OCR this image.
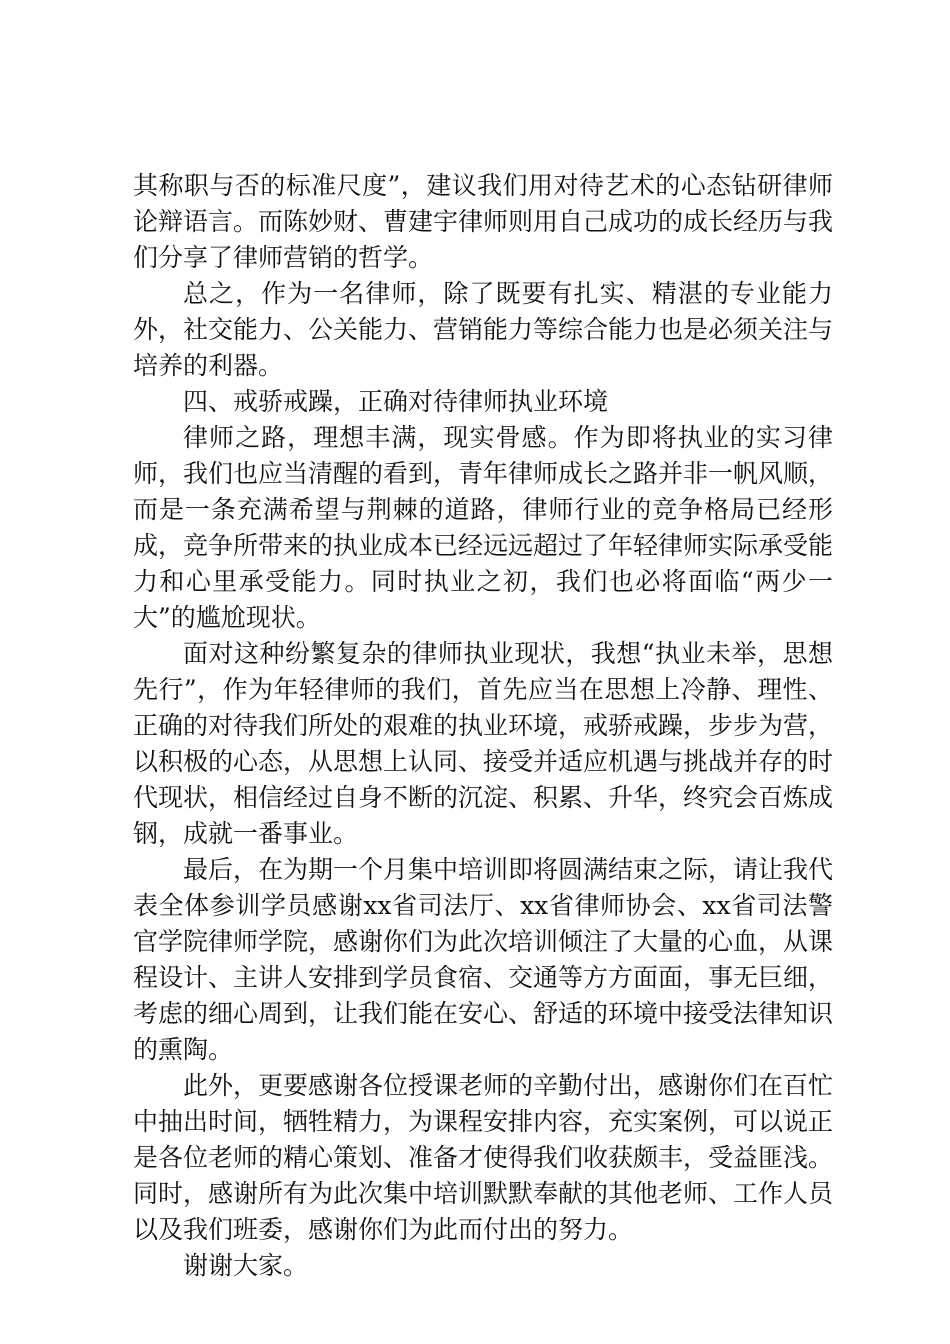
其称职与否的标准尺度”，建议我们用对待艺术的心态钻研律师论辩语言。而陈妙财、曹建宇律师则用自己成功的成长经历与我们分享了律师营销的哲学。

总之，作为一名律师，除了既要有扎实、精湛的专业能力外，社交能力、公关能力、营销能力等综合能力也是必须关注与培养的利器。

四、戒骄戒躁，正确对待律师执业环境

律师之路，理想丰满，现实骨感。作为即将执业的实习律师，我们也应当清醒的看到，青年律师成长之路并非一帆风顺，而是一条充满希望与荆棘的道路，律师行业的竞争格局已经形成，竞争所带来的执业成本已经远远超过了年轻律师实际承受能力和心里承受能力。同时执业之初，我们也必将面临“两少一大”的尴尬现状。

面对这种纷繁复杂的律师执业现状，我想“执业未举，思想先行”，作为年轻律师的我们，首先应当在思想上冷静、理性、正确的对待我们所处的艰难的执业环境，戒骄戒躁，步步为营，以积极的心态，从思想上认同、接受并适应机遇与挑战并存的时代现状，相信经过自身不断的沉淀、积累、升华，终究会百炼成钢，成就一番事业。

最后，在为期一个月集中培训即将圆满结束之际，请让我代表全体参训学员感谢xx省司法厅、xx省律师协会、xx省司法警官学院律师学院，感谢你们为此次培训倾注了大量的心血，从课程设计、主讲人安排到学员食宿、交通等方方面面，事无巨细，考虑的细心周到，让我们能在安心、舒适的环境中接受法律知识的熏陶。

此外，更要感谢各位授课老师的辛勤付出，感谢你们在百忙中抽出时间，牺牲精力，为课程安排内容，充实案例，可以说正是各位老师的精心策划、准备才使得我们收获颇丰，受益匪浅。同时，感谢所有为此次集中培训默默奉献的其他老师、工作人员以及我们班委，感谢你们为此而付出的努力。

谢谢大家。
